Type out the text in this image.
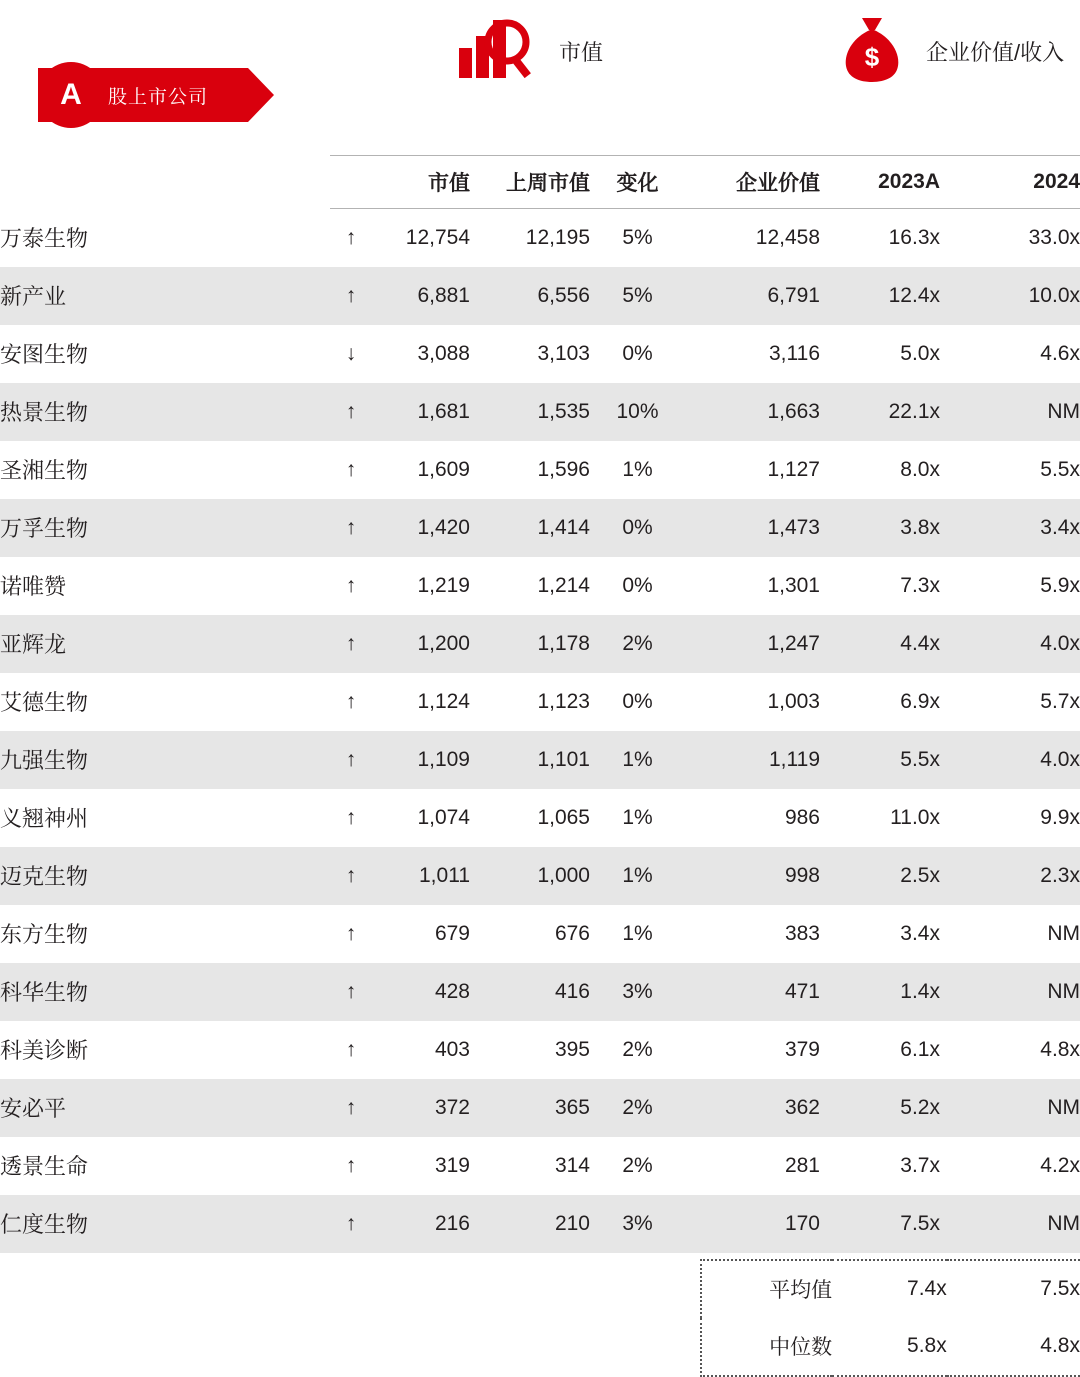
A	股上市公司
市值	$ 企业价值/收入
		市值	上周市值	变化	企业价值	2023A	2024
万泰生物	↑	12,754	12,195	5%	12,458	16.3x	33.0x
新产业	↑	6,881	6,556	5%	6,791	12.4x	10.0x
安图生物	↓	3,088	3,103	0%	3,116	5.0x	4.6x
热景生物	↑	1,681	1,535	10%	1,663	22.1x	NM
圣湘生物	↑	1,609	1,596	1%	1,127	8.0x	5.5x
万孚生物	↑	1,420	1,414	0%	1,473	3.8x	3.4x
诺唯赞	↑	1,219	1,214	0%	1,301	7.3x	5.9x
亚辉龙	↑	1,200	1,178	2%	1,247	4.4x	4.0x
艾德生物	↑	1,124	1,123	0%	1,003	6.9x	5.7x
九强生物	↑	1,109	1,101	1%	1,119	5.5x	4.0x
义翘神州	↑	1,074	1,065	1%	986	11.0x	9.9x
迈克生物	↑	1,011	1,000	1%	998	2.5x	2.3x
东方生物	↑	679	676	1%	383	3.4x	NM
科华生物	↑	428	416	3%	471	1.4x	NM
科美诊断	↑	403	395	2%	379	6.1x	4.8x
安必平	↑	372	365	2%	362	5.2x	NM
透景生命	↑	319	314	2%	281	3.7x	4.2x
仁度生物	↑	216	210	3%	170	7.5x	NM
平均值	7.4x	7.5x
中位数	5.8x	4.8x
